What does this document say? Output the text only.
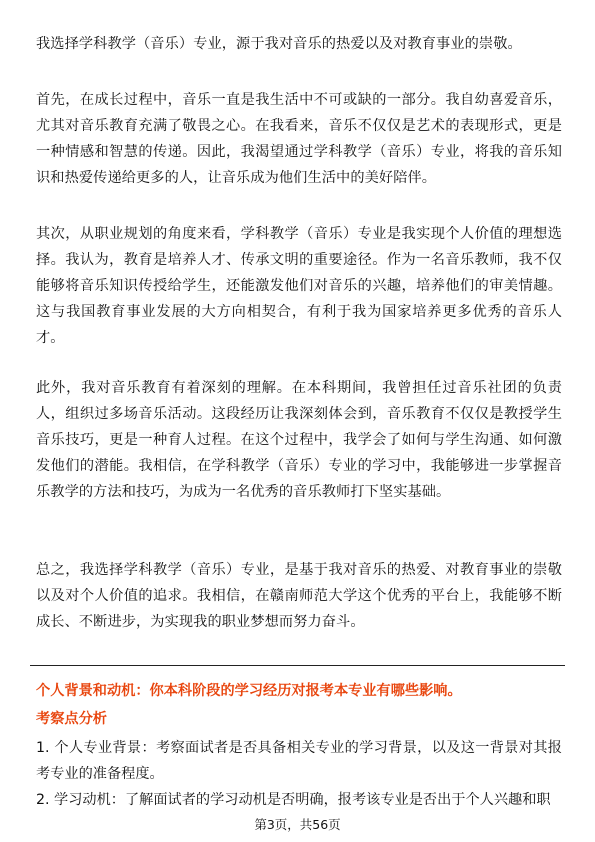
我选择学科教学（音乐）专业，源于我对音乐的热爱以及对教育事业的崇敬。

首先，在成长过程中，音乐一直是我生活中不可或缺的一部分。我自幼喜爱音乐，尤其对音乐教育充满了敬畏之心。在我看来，音乐不仅仅是艺术的表现形式，更是一种情感和智慧的传递。因此，我渴望通过学科教学（音乐）专业，将我的音乐知识和热爱传递给更多的人，让音乐成为他们生活中的美好陪伴。

其次，从职业规划的角度来看，学科教学（音乐）专业是我实现个人价值的理想选择。我认为，教育是培养人才、传承文明的重要途径。作为一名音乐教师，我不仅能够将音乐知识传授给学生，还能激发他们对音乐的兴趣，培养他们的审美情趣。这与我国教育事业发展的大方向相契合，有利于我为国家培养更多优秀的音乐人才。

此外，我对音乐教育有着深刻的理解。在本科期间，我曾担任过音乐社团的负责人，组织过多场音乐活动。这段经历让我深刻体会到，音乐教育不仅仅是教授学生音乐技巧，更是一种育人过程。在这个过程中，我学会了如何与学生沟通、如何激发他们的潜能。我相信，在学科教学（音乐）专业的学习中，我能够进一步掌握音乐教学的方法和技巧，为成为一名优秀的音乐教师打下坚实基础。

总之，我选择学科教学（音乐）专业，是基于我对音乐的热爱、对教育事业的崇敬以及对个人价值的追求。我相信，在赣南师范大学这个优秀的平台上，我能够不断成长、不断进步，为实现我的职业梦想而努力奋斗。

个人背景和动机：你本科阶段的学习经历对报考本专业有哪些影响。

考察点分析

1. 个人专业背景：考察面试者是否具备相关专业的学习背景，以及这一背景对其报考专业的准备程度。

2. 学习动机：了解面试者的学习动机是否明确，报考该专业是否出于个人兴趣和职

第3页，共56页
